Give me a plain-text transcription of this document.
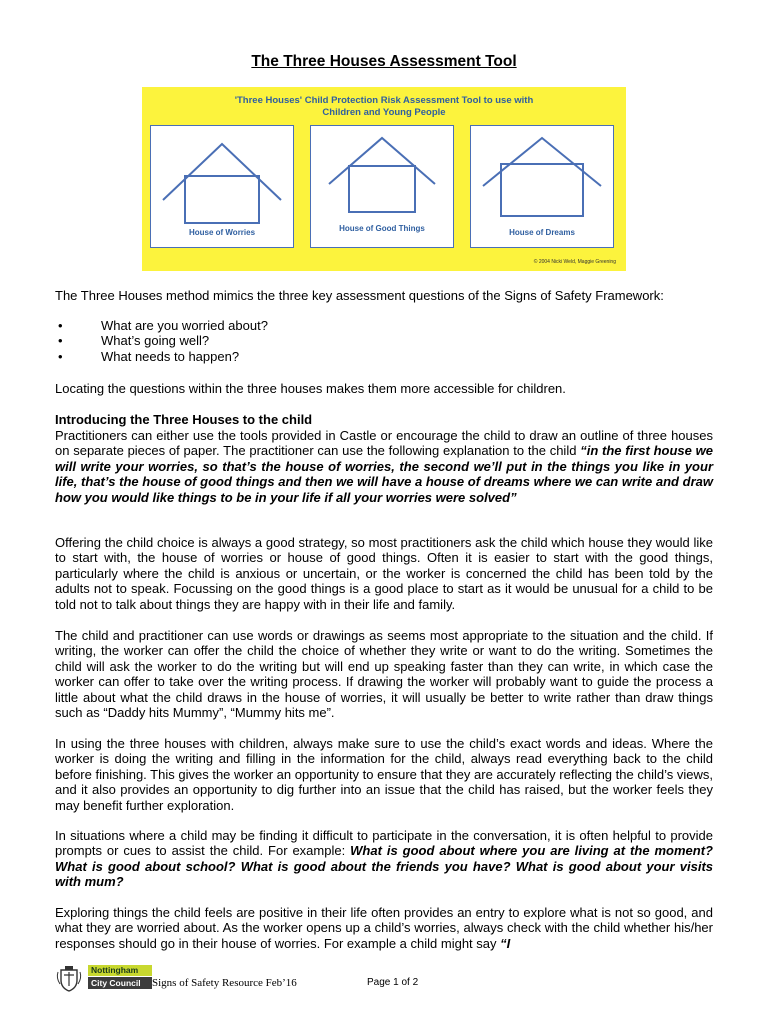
The Three Houses Assessment Tool
'Three Houses' Child Protection Risk Assessment Tool to use with
Children and Young People
House of Worries	House of Good Things	House of Dreams
© 2004 Nicki Weld, Maggie Greening

The Three Houses method mimics the three key assessment questions of the Signs of Safety Framework:

• What are you worried about?
• What’s going well?
• What needs to happen?

Locating the questions within the three houses makes them more accessible for children.

Introducing the Three Houses to the child

Practitioners can either use the tools provided in Castle or encourage the child to draw an outline of three houses on separate pieces of paper. The practitioner can use the following explanation to the child “in the first house we will write your worries, so that’s the house of worries, the second we’ll put in the things you like in your life, that’s the house of good things and then we will have a house of dreams where we can write and draw how you would like things to be in your life if all your worries were solved”

Offering the child choice is always a good strategy, so most practitioners ask the child which house they would like to start with, the house of worries or house of good things. Often it is easier to start with the good things, particularly where the child is anxious or uncertain, or the worker is concerned the child has been told by the adults not to speak. Focussing on the good things is a good place to start as it would be unusual for a child to be told not to talk about things they are happy with in their life and family.

The child and practitioner can use words or drawings as seems most appropriate to the situation and the child. If writing, the worker can offer the child the choice of whether they write or want to do the writing. Sometimes the child will ask the worker to do the writing but will end up speaking faster than they can write, in which case the worker can offer to take over the writing process. If drawing the worker will probably want to guide the process a little about what the child draws in the house of worries, it will usually be better to write rather than draw things such as “Daddy hits Mummy”, “Mummy hits me”.

In using the three houses with children, always make sure to use the child’s exact words and ideas. Where the worker is doing the writing and filling in the information for the child, always read everything back to the child before finishing. This gives the worker an opportunity to ensure that they are accurately reflecting the child’s views, and it also provides an opportunity to dig further into an issue that the child has raised, but the worker feels they may benefit further exploration.

In situations where a child may be finding it difficult to participate in the conversation, it is often helpful to provide prompts or cues to assist the child. For example: What is good about where you are living at the moment? What is good about school? What is good about the friends you have? What is good about your visits with mum?

Exploring things the child feels are positive in their life often provides an entry to explore what is not so good, and what they are worried about. As the worker opens up a child’s worries, always check with the child whether his/her responses should go in their house of worries. For example a child might say “I

Nottingham
City Council	Signs of Safety Resource Feb’16	Page 1 of 2
